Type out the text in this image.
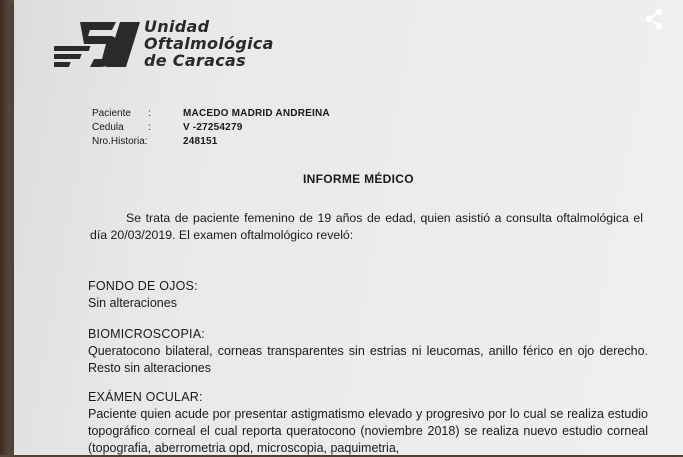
Unidad
Oftalmológica
de Caracas
Paciente :	MACEDO MADRID ANDREINA
Cedula :	V -27254279
Nro.Historia:	248151
INFORME MÉDICO
Se trata de paciente femenino de 19 años de edad, quien asistió a consulta oftalmológica el día 20/03/2019. El examen oftalmológico reveló:
FONDO DE OJOS:
Sin alteraciones
BIOMICROSCOPIA:
Queratocono bilateral, corneas transparentes sin estrias ni leucomas, anillo férico en ojo derecho. Resto sin alteraciones
EXÁMEN OCULAR:
Paciente quien acude por presentar astigmatismo elevado y progresivo por lo cual se realiza estudio topográfico corneal el cual reporta queratocono (noviembre 2018) se realiza nuevo estudio corneal (topografia, aberrometria opd, microscopia, paquimetria,
